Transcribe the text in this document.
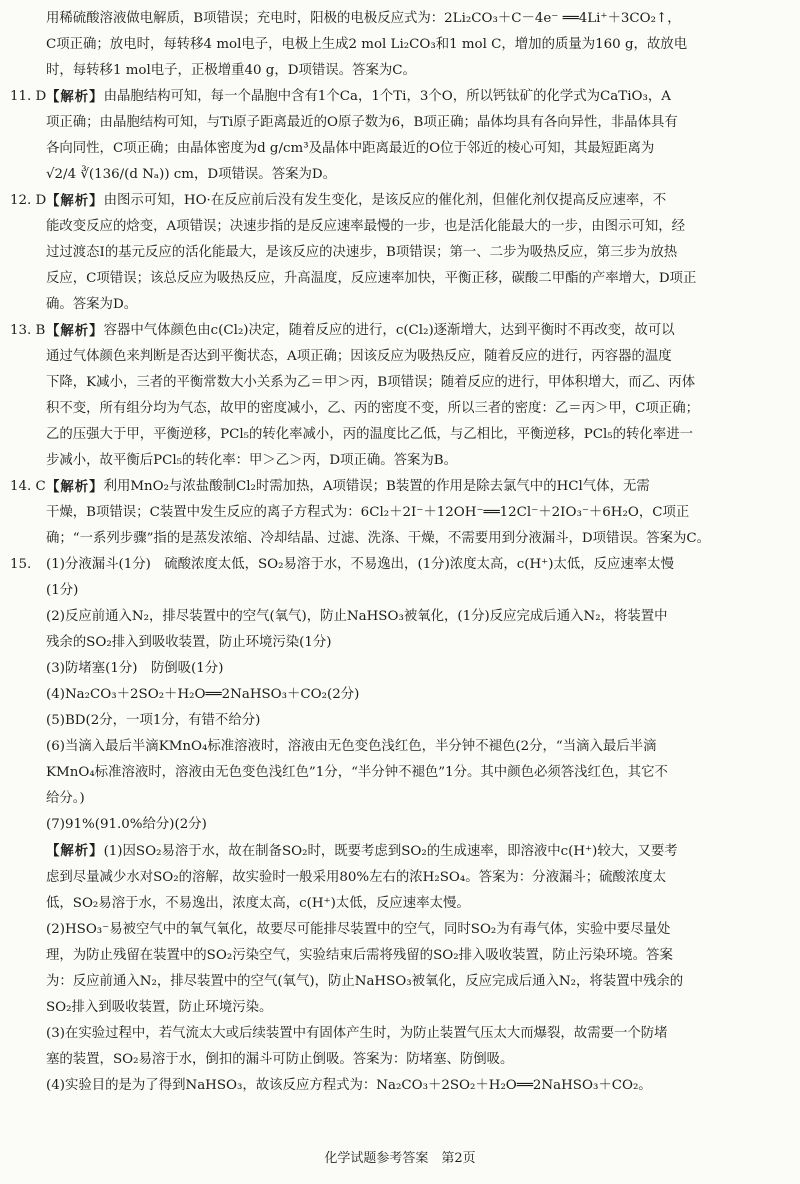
用稀硫酸溶液做电解质，B项错误；充电时，阳极的电极反应式为：2Li₂CO₃＋C－4e⁻ ══4Li⁺＋3CO₂↑，
C项正确；放电时，每转移4 mol电子，电极上生成2 mol Li₂CO₃和1 mol C，增加的质量为160 g，故放电
时，每转移1 mol电子，正极增重40 g，D项错误。答案为C。
11. D 【解析】 由晶胞结构可知，每一个晶胞中含有1个Ca，1个Ti，3个O，所以钙钛矿的化学式为CaTiO₃，A
项正确；由晶胞结构可知，与Ti原子距离最近的O原子数为6，B项正确；晶体均具有各向异性，非晶体具有
各向同性，C项正确；由晶体密度为d g/cm³及晶体中距离最近的O位于邻近的棱心可知，其最短距离为
√2/4 ∛(136/(d Nₐ)) cm，D项错误。答案为D。
12. D 【解析】 由图示可知，HO·在反应前后没有发生变化，是该反应的催化剂，但催化剂仅提高反应速率，不
能改变反应的焓变，A项错误；决速步指的是反应速率最慢的一步，也是活化能最大的一步，由图示可知，经
过过渡态Ⅰ的基元反应的活化能最大，是该反应的决速步，B项错误；第一、二步为吸热反应，第三步为放热
反应，C项错误；该总反应为吸热反应，升高温度，反应速率加快，平衡正移，碳酸二甲酯的产率增大，D项正
确。答案为D。
13. B 【解析】 容器中气体颜色由c(Cl₂)决定，随着反应的进行，c(Cl₂)逐渐增大，达到平衡时不再改变，故可以
通过气体颜色来判断是否达到平衡状态，A项正确；因该反应为吸热反应，随着反应的进行，丙容器的温度
下降，K减小，三者的平衡常数大小关系为乙＝甲＞丙，B项错误；随着反应的进行，甲体积增大，而乙、丙体
积不变，所有组分均为气态，故甲的密度减小，乙、丙的密度不变，所以三者的密度：乙＝丙＞甲，C项正确；
乙的压强大于甲，平衡逆移，PCl₅的转化率减小，丙的温度比乙低，与乙相比，平衡逆移，PCl₅的转化率进一
步减小，故平衡后PCl₅的转化率：甲＞乙＞丙，D项正确。答案为B。
14. C 【解析】 利用MnO₂与浓盐酸制Cl₂时需加热，A项错误；B装置的作用是除去氯气中的HCl气体，无需
干燥，B项错误；C装置中发生反应的离子方程式为：6Cl₂＋2I⁻＋12OH⁻══12Cl⁻＋2IO₃⁻＋6H₂O，C项正
确；“一系列步骤”指的是蒸发浓缩、冷却结晶、过滤、洗涤、干燥，不需要用到分液漏斗，D项错误。答案为C。
15.	(1)分液漏斗(1分)　硫酸浓度太低，SO₂易溶于水，不易逸出，(1分)浓度太高，c(H⁺)太低，反应速率太慢
(1分)
(2)反应前通入N₂，排尽装置中的空气(氧气)，防止NaHSO₃被氧化，(1分)反应完成后通入N₂，将装置中
残余的SO₂排入到吸收装置，防止环境污染(1分)
(3)防堵塞(1分)　防倒吸(1分)
(4)Na₂CO₃＋2SO₂＋H₂O══2NaHSO₃＋CO₂(2分)
(5)BD(2分，一项1分，有错不给分)
(6)当滴入最后半滴KMnO₄标准溶液时，溶液由无色变色浅红色，半分钟不褪色(2分，“当滴入最后半滴
KMnO₄标准溶液时，溶液由无色变色浅红色”1分，“半分钟不褪色”1分。其中颜色必须答浅红色，其它不
给分。)
(7)91%(91.0%给分)(2分)
【解析】(1)因SO₂易溶于水，故在制备SO₂时，既要考虑到SO₂的生成速率，即溶液中c(H⁺)较大，又要考
虑到尽量减少水对SO₂的溶解，故实验时一般采用80%左右的浓H₂SO₄。答案为：分液漏斗；硫酸浓度太
低，SO₂易溶于水，不易逸出，浓度太高，c(H⁺)太低，反应速率太慢。
(2)HSO₃⁻易被空气中的氧气氧化，故要尽可能排尽装置中的空气，同时SO₂为有毒气体，实验中要尽量处
理，为防止残留在装置中的SO₂污染空气，实验结束后需将残留的SO₂排入吸收装置，防止污染环境。答案
为：反应前通入N₂，排尽装置中的空气(氧气)，防止NaHSO₃被氧化，反应完成后通入N₂，将装置中残余的
SO₂排入到吸收装置，防止环境污染。
(3)在实验过程中，若气流太大或后续装置中有固体产生时，为防止装置气压太大而爆裂，故需要一个防堵
塞的装置，SO₂易溶于水，倒扣的漏斗可防止倒吸。答案为：防堵塞、防倒吸。
(4)实验目的是为了得到NaHSO₃，故该反应方程式为：Na₂CO₃＋2SO₂＋H₂O══2NaHSO₃＋CO₂。
化学试题参考答案　第2页
